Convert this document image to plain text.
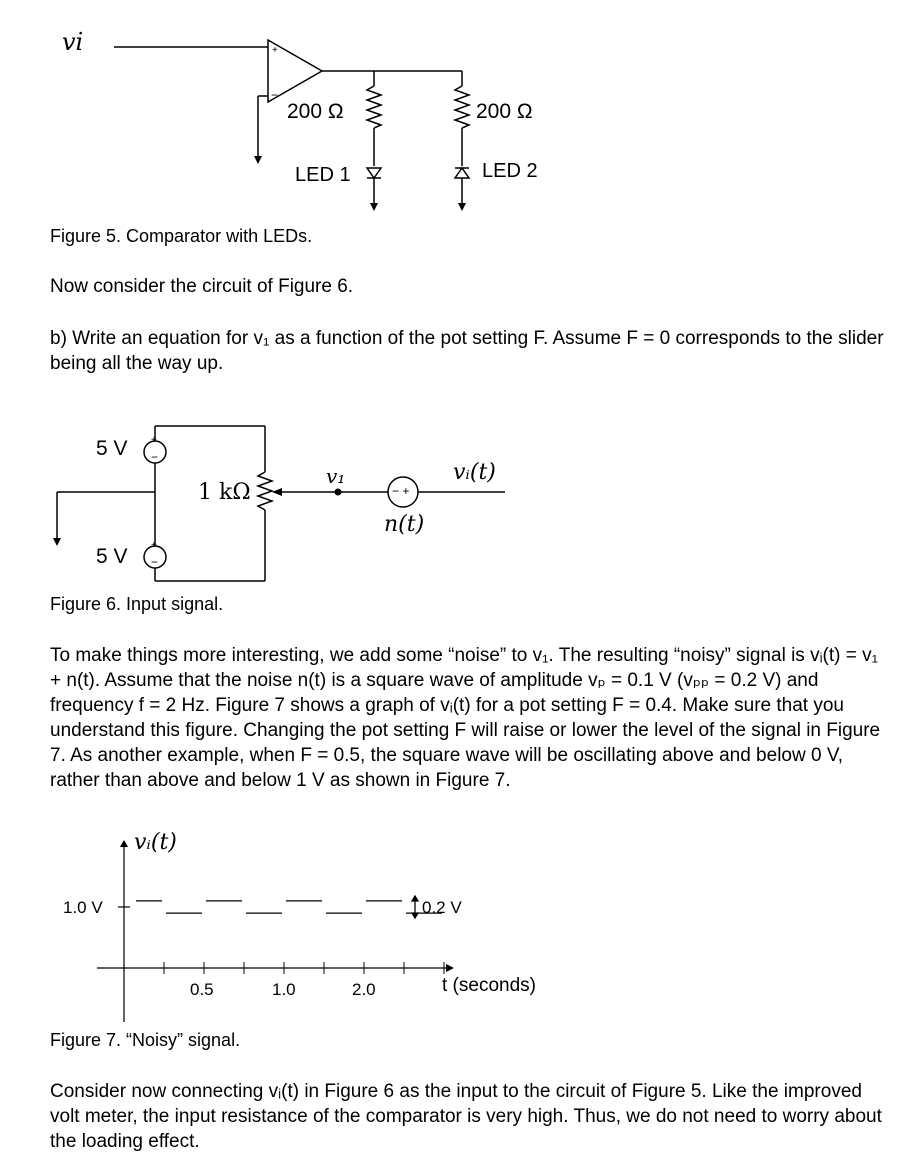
+
−
vi
200 Ω	200 Ω
LED 1	LED 2
Figure 5. Comparator with LEDs.
Now consider the circuit of Figure 6.
b) Write an equation for v₁ as a function of the pot setting F. Assume F = 0 corresponds to the slider being all the way up.
+
−
+
−
5 V
5 V
1 kΩ
v₁
− +
vᵢ(t)
n(t)
Figure 6. Input signal.
To make things more interesting, we add some “noise” to v₁. The resulting “noisy” signal is vᵢ(t) = v₁ + n(t). Assume that the noise n(t) is a square wave of amplitude vₚ = 0.1 V (vₚₚ = 0.2 V) and frequency f = 2 Hz. Figure 7 shows a graph of vᵢ(t) for a pot setting F = 0.4. Make sure that you understand this figure. Changing the pot setting F will raise or lower the level of the signal in Figure 7. As another example, when F = 0.5, the square wave will be oscillating above and below 0 V, rather than above and below 1 V as shown in Figure 7.
vᵢ(t)
1.0 V
0.5	1.0	2.0
0.2 V
t (seconds)
Figure 7. “Noisy” signal.
Consider now connecting vᵢ(t) in Figure 6 as the input to the circuit of Figure 5. Like the improved volt meter, the input resistance of the comparator is very high. Thus, we do not need to worry about the loading effect.
